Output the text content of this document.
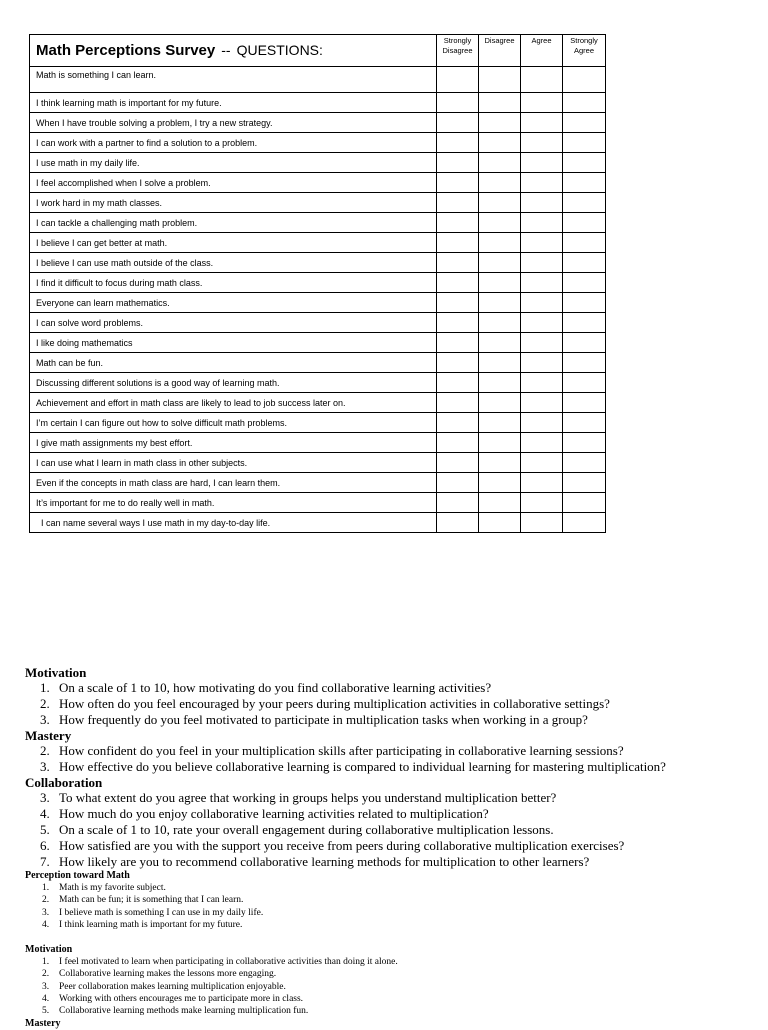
Math Perceptions Survey -- QUESTIONS:	Strongly Disagree	Disagree	Agree	Strongly Agree
Math is something I can learn.				
I think learning math is important for my future.				
When I have trouble solving a problem, I try a new strategy.				
I can work with a partner to find a solution to a problem.				
I use math in my daily life.				
I feel accomplished when I solve a problem.				
I work hard in my math classes.				
I can tackle a challenging math problem.				
I believe I can get better at math.				
I believe I can use math outside of the class.				
I find it difficult to focus during math class.				
Everyone can learn mathematics.				
I can solve word problems.				
I like doing mathematics				
Math can be fun.				
Discussing different solutions is a good way of learning math.				
Achievement and effort in math class are likely to lead to job success later on.				
I’m certain I can figure out how to solve difficult math problems.				
I give math assignments my best effort.				
I can use what I learn in math class in other subjects.				
Even if the concepts in math class are hard, I can learn them.				
It’s important for me to do really well in math.				
I can name several ways I use math in my day-to-day life.				
Motivation
1. On a scale of 1 to 10, how motivating do you find collaborative learning activities?
2. How often do you feel encouraged by your peers during multiplication activities in collaborative settings?
3. How frequently do you feel motivated to participate in multiplication tasks when working in a group?
Mastery
2. How confident do you feel in your multiplication skills after participating in collaborative learning sessions?
3. How effective do you believe collaborative learning is compared to individual learning for mastering multiplication?
Collaboration
3. To what extent do you agree that working in groups helps you understand multiplication better?
4. How much do you enjoy collaborative learning activities related to multiplication?
5. On a scale of 1 to 10, rate your overall engagement during collaborative multiplication lessons.
6. How satisfied are you with the support you receive from peers during collaborative multiplication exercises?
7. How likely are you to recommend collaborative learning methods for multiplication to other learners?
Perception toward Math
1. Math is my favorite subject.
2. Math can be fun; it is something that I can learn.
3. I believe math is something I can use in my daily life.
4. I think learning math is important for my future.
Motivation
1. I feel motivated to learn when participating in collaborative activities than doing it alone.
2. Collaborative learning makes the lessons more engaging.
3. Peer collaboration makes learning multiplication enjoyable.
4. Working with others encourages me to participate more in class.
5. Collaborative learning methods make learning multiplication fun.
Mastery
